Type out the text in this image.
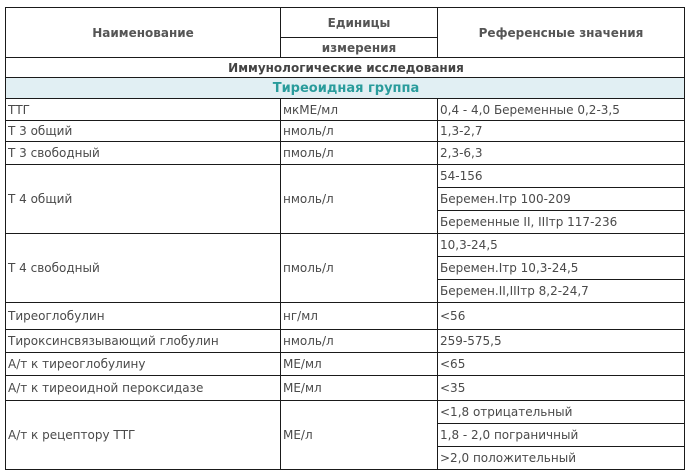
Наименование	Единицы	Референсные значения
	измерения	
Иммунологические исследования		
Тиреоидная группа		
ТТГ	мкМЕ/мл	0,4 - 4,0 Беременные 0,2-3,5
Т 3 общий	нмоль/л	1,3-2,7
Т 3 свободный	пмоль/л	2,3-6,3
Т 4 общий	нмоль/л	54-156
		Беремен.Iтр 100-209
		Беременные II, IIIтр 117-236
Т 4 свободный	пмоль/л	10,3-24,5
		Беремен.Iтр 10,3-24,5
		Беремен.II,IIIтр 8,2-24,7
Тиреоглобулин	нг/мл	<56
Тироксинсвязывающий глобулин	нмоль/л	259-575,5
А/т к тиреоглобулину	МЕ/мл	<65
А/т к тиреоидной пероксидазе	МЕ/мл	<35
А/т к рецептору ТТГ	МЕ/л	<1,8 отрицательный
		1,8 - 2,0 пограничный
		>2,0 положительный
